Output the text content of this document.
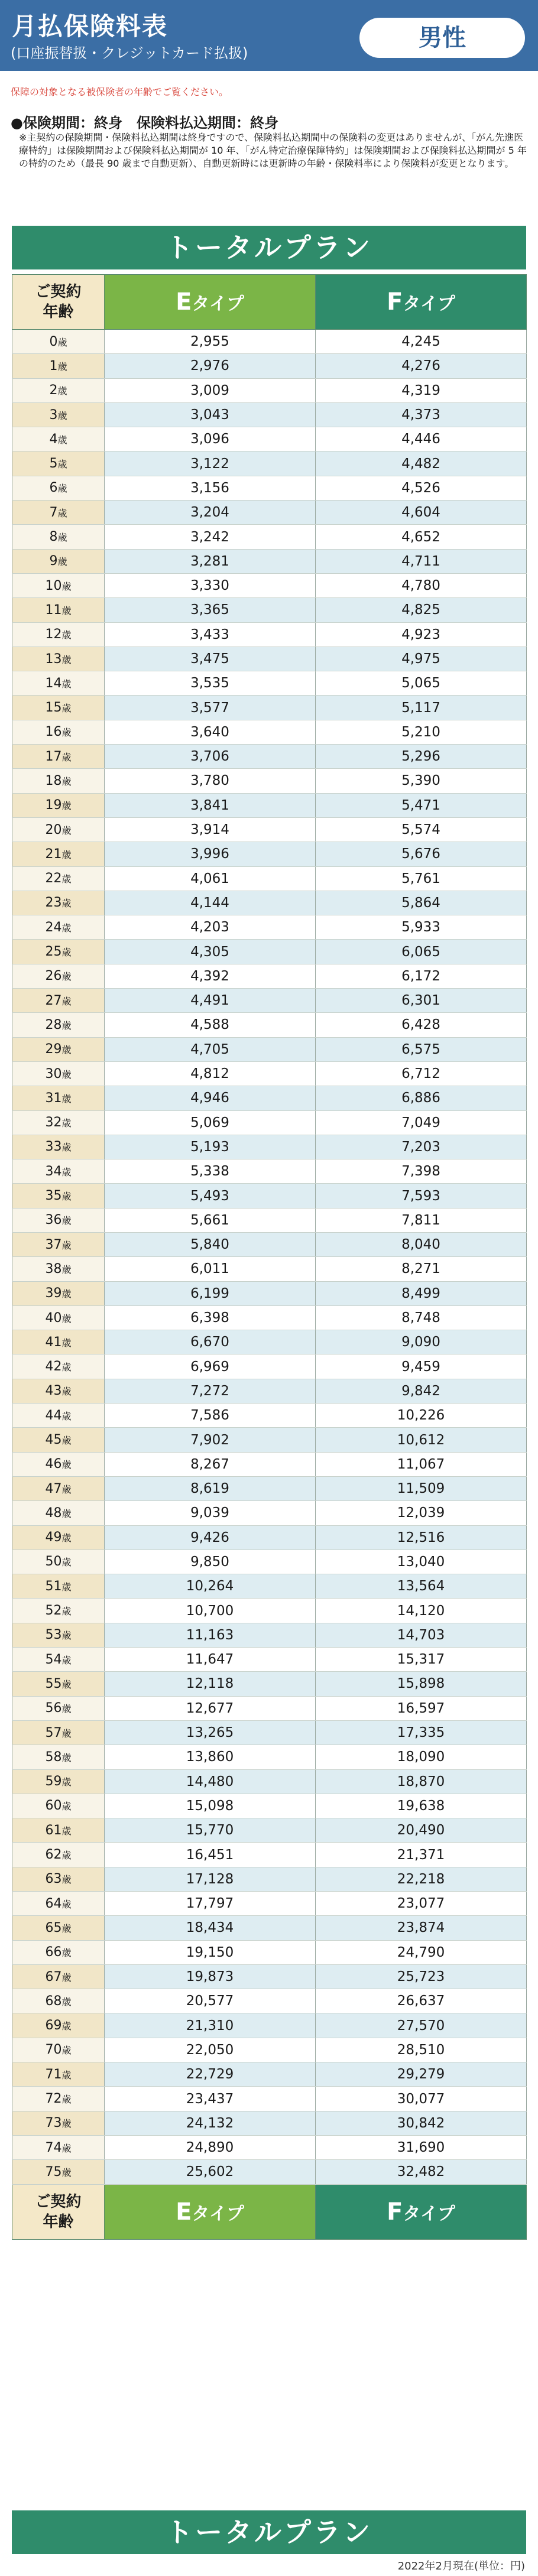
月払保険料表
(口座振替扱・クレジットカード払扱)
男性
保障の対象となる被保険者の年齢でご覧ください。
●保険期間：終身　保険料払込期間：終身
※主契約の保険期間・保険料払込期間は終身ですので、保険料払込期間中の保険料の変更はありませんが、「がん先進医療特約」は保険期間および保険料払込期間が 10 年、「がん特定治療保障特約」は保険期間および保険料払込期間が 5 年の特約のため（最長 90 歳まで自動更新）、自動更新時には更新時の年齢・保険料率により保険料が変更となります。
トータルプラン
ご契約
年齢	Eタイプ	Fタイプ
0歳	2,955	4,245
1歳	2,976	4,276
2歳	3,009	4,319
3歳	3,043	4,373
4歳	3,096	4,446
5歳	3,122	4,482
6歳	3,156	4,526
7歳	3,204	4,604
8歳	3,242	4,652
9歳	3,281	4,711
10歳	3,330	4,780
11歳	3,365	4,825
12歳	3,433	4,923
13歳	3,475	4,975
14歳	3,535	5,065
15歳	3,577	5,117
16歳	3,640	5,210
17歳	3,706	5,296
18歳	3,780	5,390
19歳	3,841	5,471
20歳	3,914	5,574
21歳	3,996	5,676
22歳	4,061	5,761
23歳	4,144	5,864
24歳	4,203	5,933
25歳	4,305	6,065
26歳	4,392	6,172
27歳	4,491	6,301
28歳	4,588	6,428
29歳	4,705	6,575
30歳	4,812	6,712
31歳	4,946	6,886
32歳	5,069	7,049
33歳	5,193	7,203
34歳	5,338	7,398
35歳	5,493	7,593
36歳	5,661	7,811
37歳	5,840	8,040
38歳	6,011	8,271
39歳	6,199	8,499
40歳	6,398	8,748
41歳	6,670	9,090
42歳	6,969	9,459
43歳	7,272	9,842
44歳	7,586	10,226
45歳	7,902	10,612
46歳	8,267	11,067
47歳	8,619	11,509
48歳	9,039	12,039
49歳	9,426	12,516
50歳	9,850	13,040
51歳	10,264	13,564
52歳	10,700	14,120
53歳	11,163	14,703
54歳	11,647	15,317
55歳	12,118	15,898
56歳	12,677	16,597
57歳	13,265	17,335
58歳	13,860	18,090
59歳	14,480	18,870
60歳	15,098	19,638
61歳	15,770	20,490
62歳	16,451	21,371
63歳	17,128	22,218
64歳	17,797	23,077
65歳	18,434	23,874
66歳	19,150	24,790
67歳	19,873	25,723
68歳	20,577	26,637
69歳	21,310	27,570
70歳	22,050	28,510
71歳	22,729	29,279
72歳	23,437	30,077
73歳	24,132	30,842
74歳	24,890	31,690
75歳	25,602	32,482
ご契約
年齢	Eタイプ	Fタイプ
トータルプラン
2022年2月現在(単位：円)
